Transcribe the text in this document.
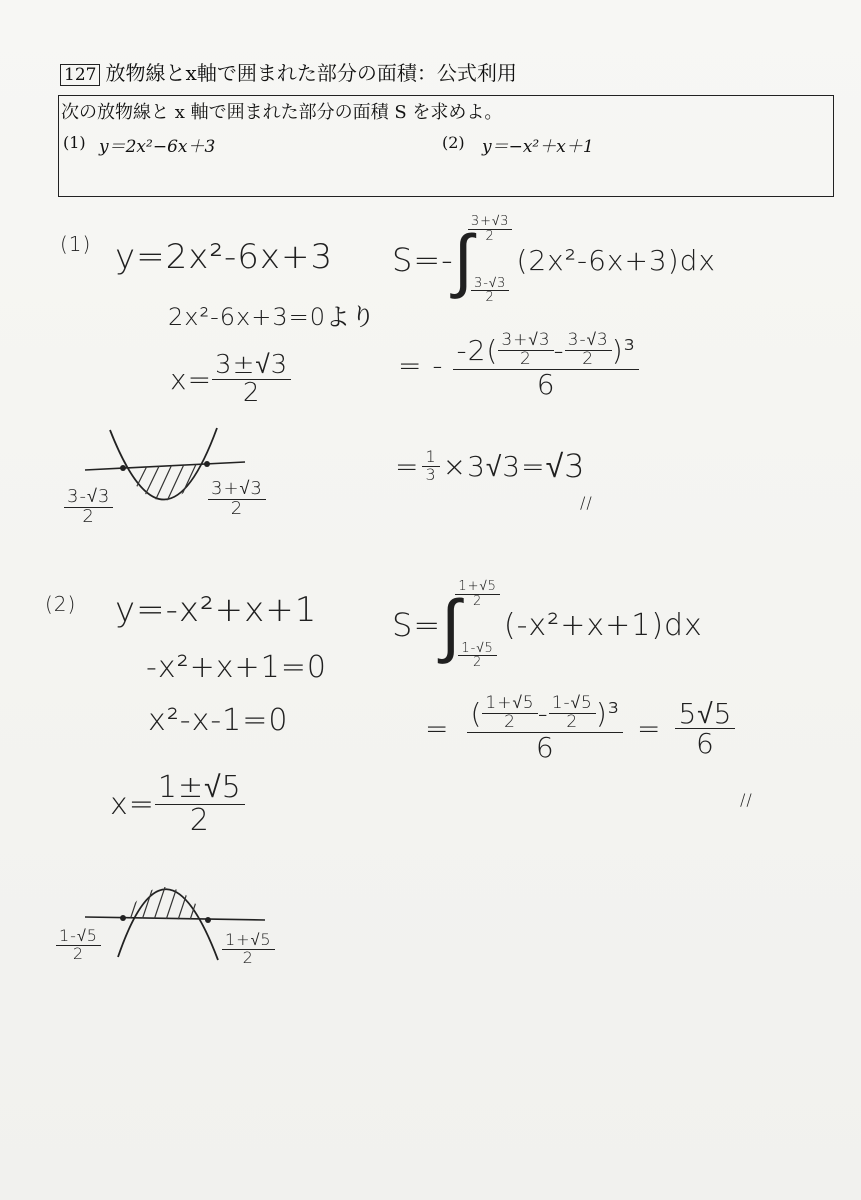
127 放物線とx軸で囲まれた部分の面積：公式利用
次の放物線と x 軸で囲まれた部分の面積 S を求めよ。
(1) y＝2x²−6x＋3	(2) y＝−x²＋x＋1
(1) y=2x²-6x+3
2x²-6x+3=0より
$x= \frac{3\pm√3}{2}$
$\frac{3-√3}{2}$	$\frac{3+√3}{2}$
S=- ∫
$\frac{3+√3}{2}$
$\frac{3-√3}{2}$
(2x²-6x+3)dx
= - $-2( \frac{3+√3}{2} - \frac{3-√3}{2} )^3$
6
= $\frac{1}{3} \times 3√3= √3$
//
(2) y=-x²+x+1
-x²+x+1=0
x²-x-1=0
$x= \frac{1\pm√5}{2}$
$\frac{1-√5}{2}$	$\frac{1+√5}{2}$
S= ∫
$\frac{1+√5}{2}$
$\frac{1-√5}{2}$
(-x²+x+1)dx
= ( $\frac{1+√5}{2} - \frac{1-√5}{2} )^3$
6
= $\frac{5√5}{6}$
//
